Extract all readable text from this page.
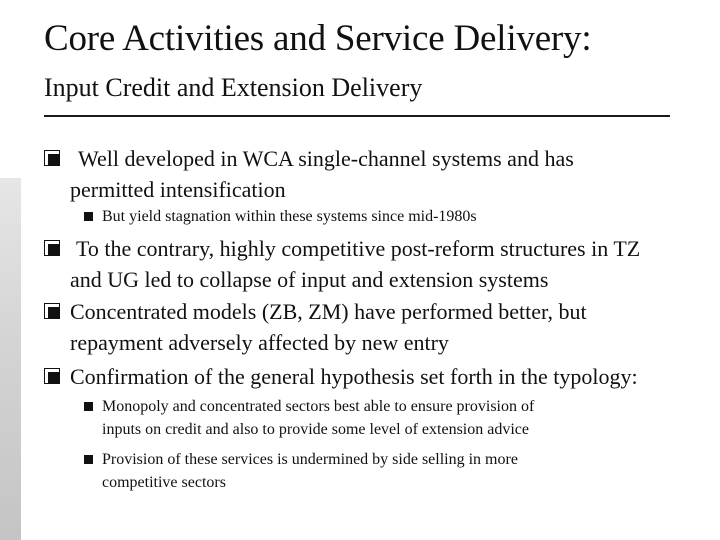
Core Activities and Service Delivery:
Input Credit and Extension Delivery
Well developed in WCA single-channel systems and has
permitted intensification
But yield stagnation within these systems since mid-1980s
To the contrary, highly competitive post-reform structures in TZ
and UG led to collapse of input and extension systems
Concentrated models (ZB, ZM) have performed better, but
repayment adversely affected by new entry
Confirmation of the general hypothesis set forth in the typology:
Monopoly and concentrated sectors best able to ensure provision of
inputs on credit and also to provide some level of extension advice
Provision of these services is undermined by side selling in more
competitive sectors
